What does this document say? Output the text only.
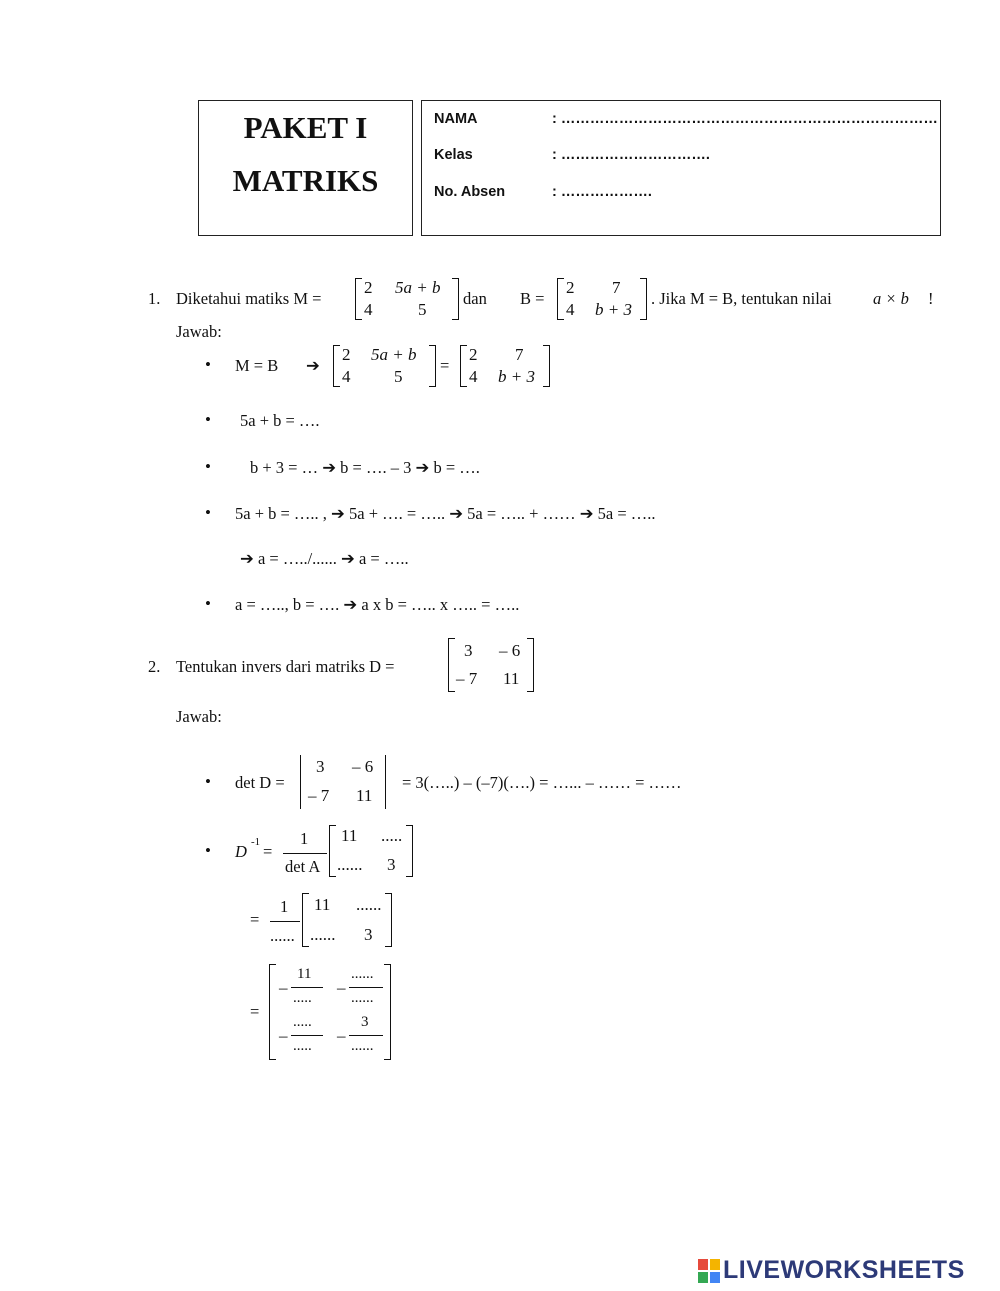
PAKET I
MATRIKS
NAMA	: ……………………………………………………………………
Kelas	: ………………………….
No. Absen	: ……………….
1. Diketahui matiks M =
2 5a + b
4	5
dan B =
2 7
4 b + 3
. Jika M = B, tentukan nilai	a × b !
Jawab:
• M = B ➔
2 5a + b
4	5
=
2 7
4 b + 3
• 5a + b = ….
• b + 3 = … ➔ b = …. – 3 ➔ b = ….
• 5a + b = ….. , ➔ 5a + …. = ….. ➔ 5a = ….. + …… ➔ 5a = …..
➔ a = …../...... ➔ a = …..
• a = ….., b = …. ➔ a x b = ….. x ….. = …..
2. Tentukan invers dari matriks D =
3 – 6
– 7 11
Jawab:
• det D =
3 – 6
– 7 11
= 3(…..) – (–7)(….) = …... – …… = ……
• D -1 =
1
det A
11 .....
...... 3
=
1
......
11 ......
...... 3
=
–
11
.....
–
......
......
–
.....
.....
–
3
......
LIVEWORKSHEETS
